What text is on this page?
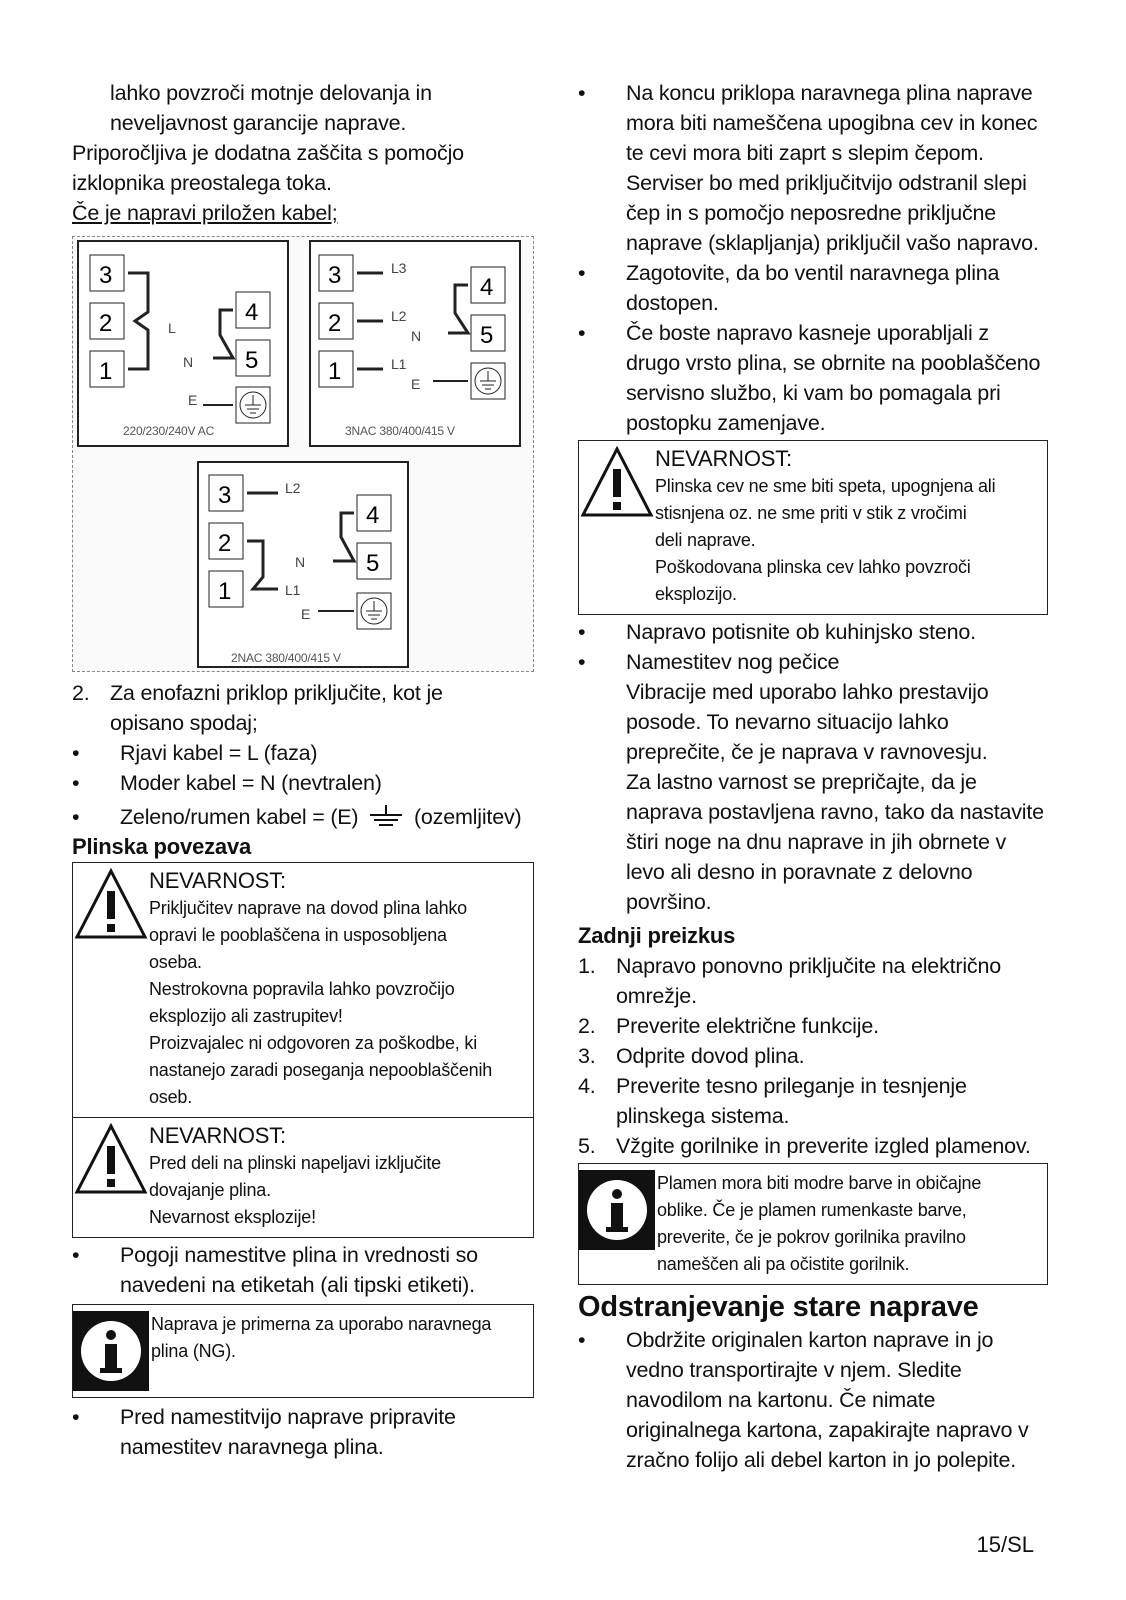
lahko povzroči motnje delovanja in

neveljavnost garancije naprave.

Priporočljiva je dodatna zaščita s pomočjo

izklopnika preostalega toka.

Če je napravi priložen kabel;

3
2
1
L
N
E
4
5
220/230/240V AC
3
2
1
L3
L2
L1
N
E
4
5
3NAC 380/400/415 V
3
2
1
L2
N
L1
E
4
5
2NAC 380/400/415 V

2. Za enofazni priklop priključite, kot je

opisano spodaj;

• Rjavi kabel = L (faza)

• Moder kabel = N (nevtralen)

• Zeleno/rumen kabel = (E)	(ozemljitev)

Plinska povezava
NEVARNOST:
Priključitev naprave na dovod plina lahko
opravi le pooblaščena in usposobljena
oseba.
Nestrokovna popravila lahko povzročijo
eksplozijo ali zastrupitev!
Proizvajalec ni odgovoren za poškodbe, ki
nastanejo zaradi poseganja nepooblaščenih
oseb.
NEVARNOST:
Pred deli na plinski napeljavi izključite
dovajanje plina.
Nevarnost eksplozije!

• Pogoji namestitve plina in vrednosti so

navedeni na etiketah (ali tipski etiketi).

Naprava je primerna za uporabo naravnega
plina (NG).

• Pred namestitvijo naprave pripravite

namestitev naravnega plina.

• Na koncu priklopa naravnega plina naprave
mora biti nameščena upogibna cev in konec
te cevi mora biti zaprt s slepim čepom.
Serviser bo med priključitvijo odstranil slepi
čep in s pomočjo neposredne priključne
naprave (sklapljanja) priključil vašo napravo.
• Zagotovite, da bo ventil naravnega plina
dostopen.
• Če boste napravo kasneje uporabljali z
drugo vrsto plina, se obrnite na pooblaščeno
servisno službo, ki vam bo pomagala pri
postopku zamenjave.
NEVARNOST:
Plinska cev ne sme biti speta, upognjena ali
stisnjena oz. ne sme priti v stik z vročimi
deli naprave.
Poškodovana plinska cev lahko povzroči
eksplozijo.

• Napravo potisnite ob kuhinjsko steno.

• Namestitev nog pečice

Vibracije med uporabo lahko prestavijo
posode. To nevarno situacijo lahko
preprečite, če je naprava v ravnovesju.
Za lastno varnost se prepričajte, da je
naprava postavljena ravno, tako da nastavite
štiri noge na dnu naprave in jih obrnete v
levo ali desno in poravnate z delovno
površino.
Zadnji preizkus
1. Napravo ponovno priključite na električno
omrežje.
2. Preverite električne funkcije.
3. Odprite dovod plina.
4. Preverite tesno prileganje in tesnjenje
plinskega sistema.
5. Vžgite gorilnike in preverite izgled plamenov.
Plamen mora biti modre barve in običajne
oblike. Če je plamen rumenkaste barve,
preverite, če je pokrov gorilnika pravilno
nameščen ali pa očistite gorilnik.
Odstranjevanje stare naprave
• Obdržite originalen karton naprave in jo
vedno transportirajte v njem. Sledite
navodilom na kartonu. Če nimate
originalnega kartona, zapakirajte napravo v
zračno folijo ali debel karton in jo polepite.
15/SL
